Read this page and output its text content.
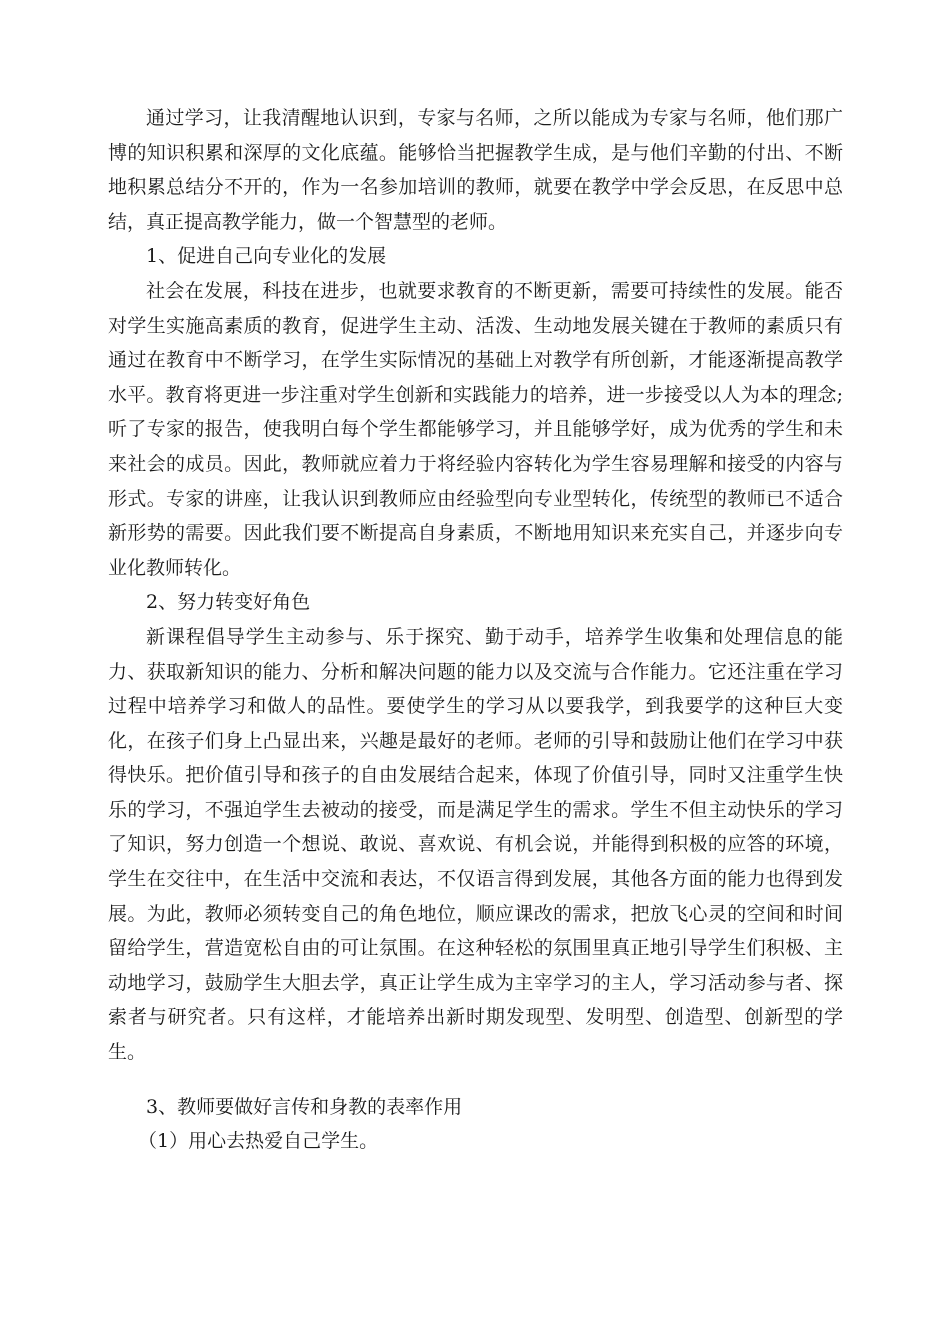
通过学习，让我清醒地认识到，专家与名师，之所以能成为专家与名师，他们那广博的知识积累和深厚的文化底蕴。能够恰当把握教学生成，是与他们辛勤的付出、不断地积累总结分不开的，作为一名参加培训的教师，就要在教学中学会反思，在反思中总结，真正提高教学能力，做一个智慧型的老师。

1、促进自己向专业化的发展

社会在发展，科技在进步，也就要求教育的不断更新，需要可持续性的发展。能否对学生实施高素质的教育，促进学生主动、活泼、生动地发展关键在于教师的素质只有通过在教育中不断学习，在学生实际情况的基础上对教学有所创新，才能逐渐提高教学水平。教育将更进一步注重对学生创新和实践能力的培养，进一步接受以人为本的理念;听了专家的报告，使我明白每个学生都能够学习，并且能够学好，成为优秀的学生和未来社会的成员。因此，教师就应着力于将经验内容转化为学生容易理解和接受的内容与形式。专家的讲座，让我认识到教师应由经验型向专业型转化，传统型的教师已不适合新形势的需要。因此我们要不断提高自身素质，不断地用知识来充实自己，并逐步向专业化教师转化。

2、努力转变好角色

新课程倡导学生主动参与、乐于探究、勤于动手，培养学生收集和处理信息的能力、获取新知识的能力、分析和解决问题的能力以及交流与合作能力。它还注重在学习过程中培养学习和做人的品性。要使学生的学习从以要我学，到我要学的这种巨大变化，在孩子们身上凸显出来，兴趣是最好的老师。老师的引导和鼓励让他们在学习中获得快乐。把价值引导和孩子的自由发展结合起来，体现了价值引导，同时又注重学生快乐的学习，不强迫学生去被动的接受，而是满足学生的需求。学生不但主动快乐的学习了知识，努力创造一个想说、敢说、喜欢说、有机会说，并能得到积极的应答的环境，学生在交往中，在生活中交流和表达，不仅语言得到发展，其他各方面的能力也得到发展。为此，教师必须转变自己的角色地位，顺应课改的需求，把放飞心灵的空间和时间留给学生，营造宽松自由的可让氛围。在这种轻松的氛围里真正地引导学生们积极、主动地学习，鼓励学生大胆去学，真正让学生成为主宰学习的主人，学习活动参与者、探索者与研究者。只有这样，才能培养出新时期发现型、发明型、创造型、创新型的学生。

3、教师要做好言传和身教的表率作用

（1）用心去热爱自己学生。
